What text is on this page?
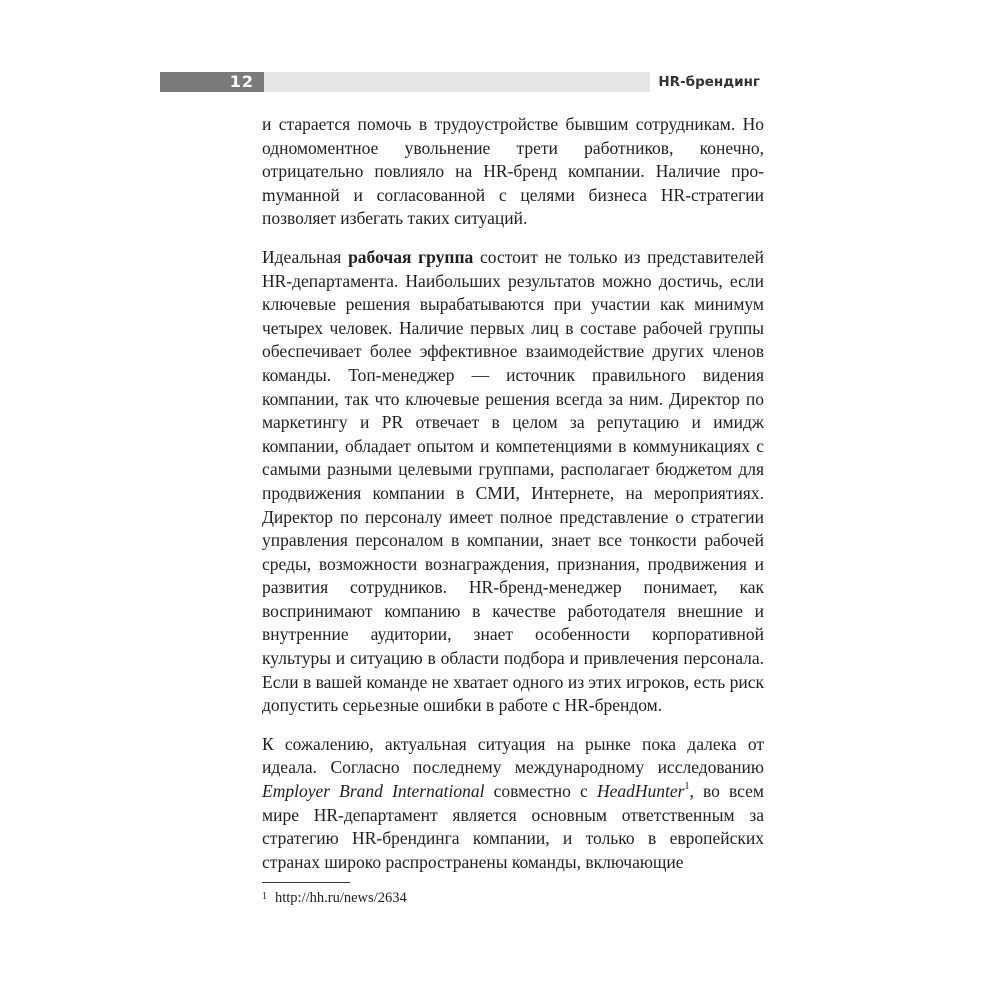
12	HR-брендинг

и старается помочь в трудоустройстве бывшим сотрудникам. Но одномоментное увольнение трети работников, конечно, отрицательно повлияло на HR-бренд компании. Наличие проmуманной и согласованной с целями бизнеса HR-стратегии позволяет избегать таких ситуаций.

Идеальная рабочая группа состоит не только из представителей HR-департамента. Наибольших результатов можно достичь, если ключевые решения вырабатываются при участии как минимум четырех человек. Наличие первых лиц в составе рабочей группы обеспечивает более эффективное взаимодействие других членов команды. Топ-менеджер — источник правильного видения компании, так что ключевые решения всегда за ним. Директор по маркетингу и PR отвечает в целом за репутацию и имидж компании, обладает опытом и компетенциями в коммуникациях с самыми разными целевыми группами, располагает бюджетом для продвижения компании в СМИ, Интернете, на мероприятиях. Директор по персоналу имеет полное представление о стратегии управления персоналом в компании, знает все тонкости рабочей среды, возможности вознаграждения, признания, продвижения и развития сотрудников. HR-бренд-менеджер понимает, как воспринимают компанию в качестве работодателя внешние и внутренние аудитории, знает особенности корпоративной культуры и ситуацию в области подбора и привлечения персонала. Если в вашей команде не хватает одного из этих игроков, есть риск допустить серьезные ошибки в работе с HR-брендом.

К сожалению, актуальная ситуация на рынке пока далека от идеала. Согласно последнему международному исследованию Employer Brand International совместно с HeadHunter$^1$, во всем мире HR-департамент является основным ответственным за стратегию HR-брендинга компании, и только в европейских странах широко распространены команды, включающие

$^1$ http://hh.ru/news/2634
